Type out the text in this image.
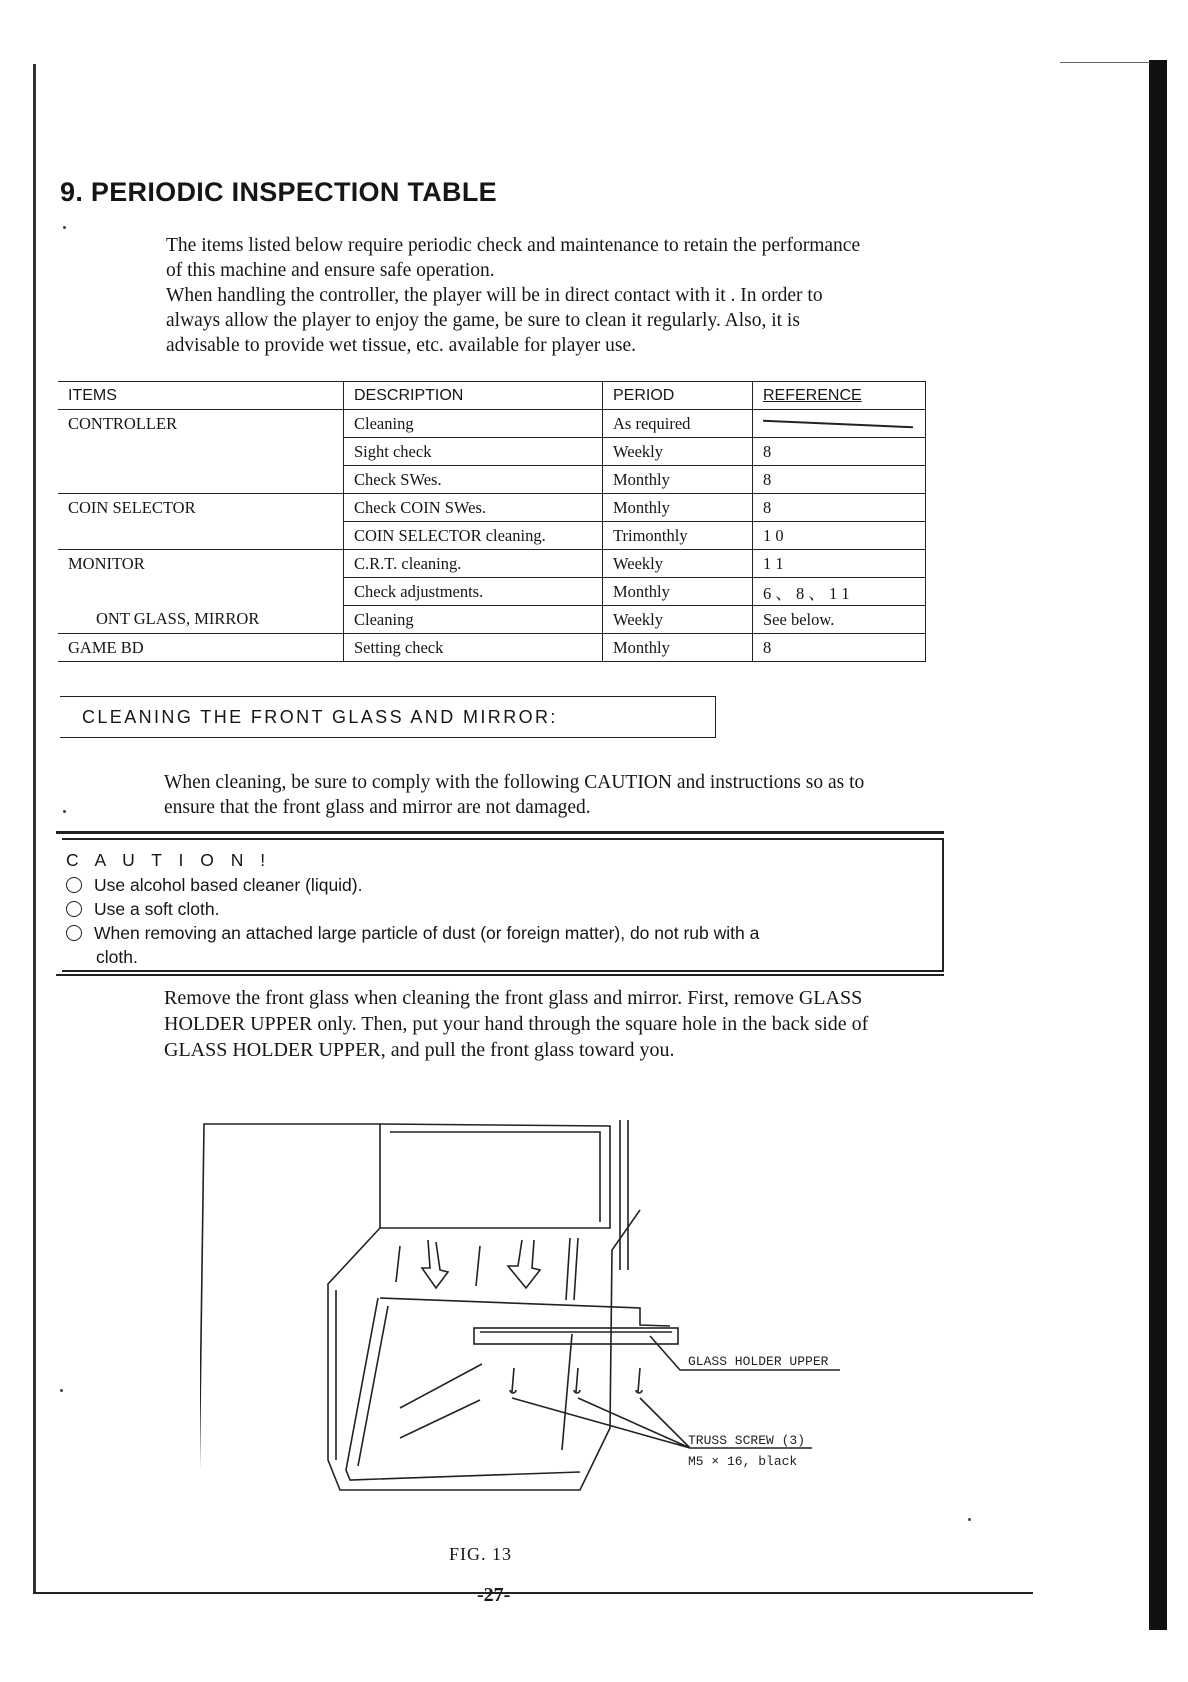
9. PERIODIC INSPECTION TABLE
The items listed below require periodic check and maintenance to retain the performance
of this machine and ensure safe operation.
When handling the controller, the player will be in direct contact with it . In order to
always allow the player to enjoy the game, be sure to clean it regularly. Also, it is
advisable to provide wet tissue, etc. available for player use.
ITEMS	DESCRIPTION	PERIOD	REFERENCE
CONTROLLER	Cleaning	As required	

	Sight check	Weekly	8
	Check SWes.	Monthly	8
COIN SELECTOR	Check COIN SWes.	Monthly	8
	COIN SELECTOR cleaning.	Trimonthly	1 0
MONITOR	C.R.T. cleaning.	Weekly	1 1
	Check adjustments.	Monthly	6 、 8 、 1 1
ONT GLASS, MIRROR	Cleaning	Weekly	See below.
GAME BD	Setting check	Monthly	8
CLEANING THE FRONT GLASS AND MIRROR:
When cleaning, be sure to comply with the following CAUTION and instructions so as to
ensure that the front glass and mirror are not damaged.
C A U T I O N !
Use alcohol based cleaner (liquid).
Use a soft cloth.
When removing an attached large particle of dust (or foreign matter), do not rub with a
cloth.
Remove the front glass when cleaning the front glass and mirror. First, remove GLASS
HOLDER UPPER only. Then, put your hand through the square hole in the back side of
GLASS HOLDER UPPER, and pull the front glass toward you.
GLASS HOLDER UPPER
TRUSS SCREW (3)
M5 × 16, black
FIG. 13
-27-
